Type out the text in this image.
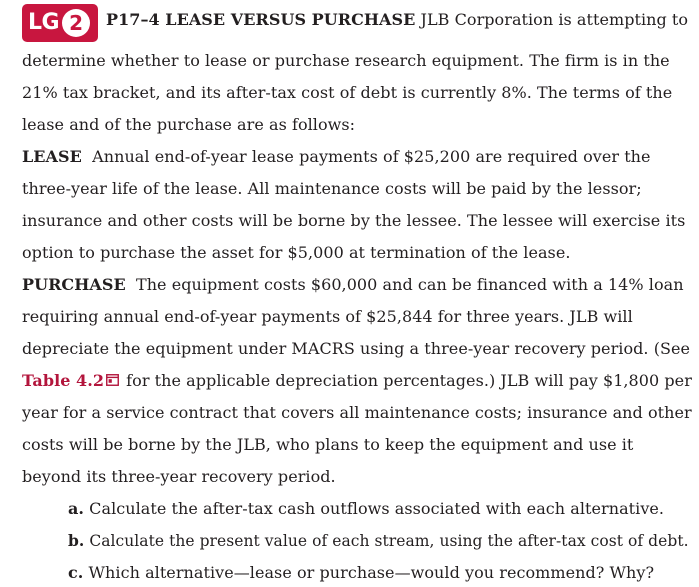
LG 2 P17–4 LEASE VERSUS PURCHASE JLB Corporation is attempting to
determine whether to lease or purchase research equipment. The firm is in the
21% tax bracket, and its after-tax cost of debt is currently 8%. The terms of the
lease and of the purchase are as follows:
LEASE  Annual end-of-year lease payments of $25,200 are required over the
three-year life of the lease. All maintenance costs will be paid by the lessor;
insurance and other costs will be borne by the lessee. The lessee will exercise its
option to purchase the asset for $5,000 at termination of the lease.
PURCHASE  The equipment costs $60,000 and can be financed with a 14% loan
requiring annual end-of-year payments of $25,844 for three years. JLB will
depreciate the equipment under MACRS using a three-year recovery period. (See
Table 4.2 for the applicable depreciation percentages.) JLB will pay $1,800 per
year for a service contract that covers all maintenance costs; insurance and other
costs will be borne by the JLB, who plans to keep the equipment and use it
beyond its three-year recovery period.
a. Calculate the after-tax cash outflows associated with each alternative.
b. Calculate the present value of each stream, using the after-tax cost of debt.
c. Which alternative—lease or purchase—would you recommend? Why?
